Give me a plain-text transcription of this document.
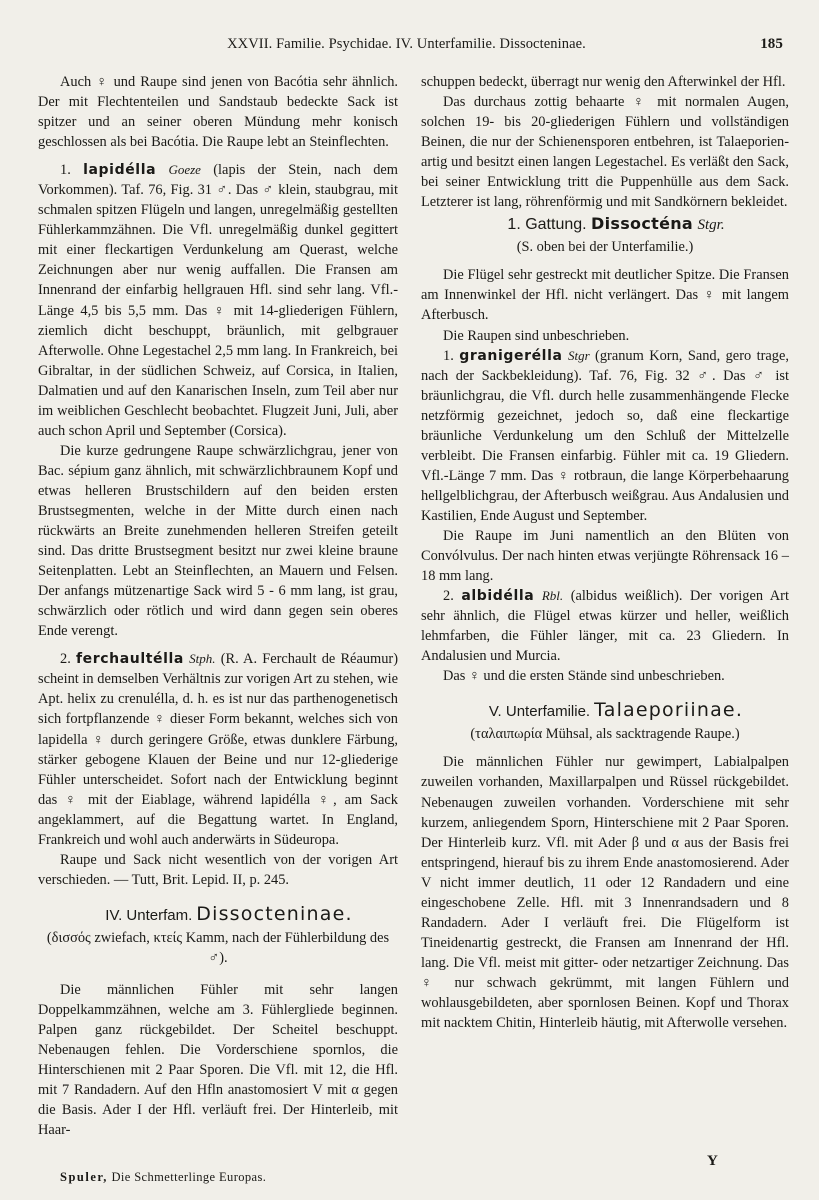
XXVII. Familie. Psychidae. IV. Unterfamilie. Dissocteninae.	185

Auch ♀ und Raupe sind jenen von Bacótia sehr ähnlich. Der mit Flechtenteilen und Sandstaub bedeckte Sack ist spitzer und an seiner oberen Mündung mehr konisch geschlossen als bei Bacótia. Die Raupe lebt an Steinflechten.

1. lapidélla Goeze (lapis der Stein, nach dem Vorkommen). Taf. 76, Fig. 31 ♂. Das ♂ klein, staubgrau, mit schmalen spitzen Flügeln und langen, unregelmäßig gestellten Fühlerkammzähnen. Die Vfl. unregelmäßig dunkel gegittert mit einer fleckartigen Verdunkelung am Querast, welche Zeichnungen aber nur wenig auffallen. Die Fransen am Innenrand der einfarbig hellgrauen Hfl. sind sehr lang. Vfl.-Länge 4,5 bis 5,5 mm. Das ♀ mit 14-gliederigen Fühlern, ziemlich dicht beschuppt, bräunlich, mit gelbgrauer Afterwolle. Ohne Legestachel 2,5 mm lang. In Frankreich, bei Gibraltar, in der südlichen Schweiz, auf Corsica, in Italien, Dalmatien und auf den Kanarischen Inseln, zum Teil aber nur im weiblichen Geschlecht beobachtet. Flugzeit Juni, Juli, aber auch schon April und September (Corsica).

Die kurze gedrungene Raupe schwärzlichgrau, jener von Bac. sépium ganz ähnlich, mit schwärzlichbraunem Kopf und etwas helleren Brustschildern auf den beiden ersten Brustsegmenten, welche in der Mitte durch einen nach rückwärts an Breite zunehmenden helleren Streifen geteilt sind. Das dritte Brustsegment besitzt nur zwei kleine braune Seitenplatten. Lebt an Steinflechten, an Mauern und Felsen. Der anfangs mützenartige Sack wird 5 - 6 mm lang, ist grau, schwärzlich oder rötlich und wird dann gegen sein oberes Ende verengt.

2. ferchaultélla Stph. (R. A. Ferchault de Réaumur) scheint in demselben Verhältnis zur vorigen Art zu stehen, wie Apt. helix zu crenulélla, d. h. es ist nur das parthenogenetisch sich fortpflanzende ♀ dieser Form bekannt, welches sich von lapidella ♀ durch geringere Größe, etwas dunklere Färbung, stärker gebogene Klauen der Beine und nur 12-gliederige Fühler unterscheidet. Sofort nach der Entwicklung beginnt das ♀ mit der Eiablage, während lapidélla ♀, am Sack angeklammert, auf die Begattung wartet. In England, Frankreich und wohl auch anderwärts in Südeuropa.

Raupe und Sack nicht wesentlich von der vorigen Art verschieden. — Tutt, Brit. Lepid. II, p. 245.

IV. Unterfam. Dissocteninae.

(δισσός zwiefach, κτείς Kamm, nach der Fühlerbildung des ♂).

Die männlichen Fühler mit sehr langen Doppelkammzähnen, welche am 3. Fühlergliede beginnen. Palpen ganz rückgebildet. Der Scheitel beschuppt. Nebenaugen fehlen. Die Vorderschiene spornlos, die Hinterschienen mit 2 Paar Sporen. Die Vfl. mit 12, die Hfl. mit 7 Randadern. Auf den Hfln anastomosiert V mit α gegen die Basis. Ader I der Hfl. verläuft frei. Der Hinterleib, mit Haar-

schuppen bedeckt, überragt nur wenig den Afterwinkel der Hfl.

Das durchaus zottig behaarte ♀ mit normalen Augen, solchen 19- bis 20-gliederigen Fühlern und vollständigen Beinen, die nur der Schienensporen entbehren, ist Talaeporien-artig und besitzt einen langen Legestachel. Es verläßt den Sack, bei seiner Entwicklung tritt die Puppenhülle aus dem Sack. Letzterer ist lang, röhrenförmig und mit Sandkörnern bekleidet.

1. Gattung. Dissocténa Stgr.

(S. oben bei der Unterfamilie.)

Die Flügel sehr gestreckt mit deutlicher Spitze. Die Fransen am Innenwinkel der Hfl. nicht verlängert. Das ♀ mit langem Afterbusch.

Die Raupen sind unbeschrieben.

1. granigerélla Stgr (granum Korn, Sand, gero trage, nach der Sackbekleidung). Taf. 76, Fig. 32 ♂. Das ♂ ist bräunlichgrau, die Vfl. durch helle zusammenhängende Flecke netzförmig gezeichnet, jedoch so, daß eine fleckartige bräunliche Verdunkelung um den Schluß der Mittelzelle verbleibt. Die Fransen einfarbig. Fühler mit ca. 19 Gliedern. Vfl.-Länge 7 mm. Das ♀ rotbraun, die lange Körperbehaarung hellgelblichgrau, der Afterbusch weißgrau. Aus Andalusien und Kastilien, Ende August und September.

Die Raupe im Juni namentlich an den Blüten von Convólvulus. Der nach hinten etwas verjüngte Röhrensack 16 –18 mm lang.

2. albidélla Rbl. (albidus weißlich). Der vorigen Art sehr ähnlich, die Flügel etwas kürzer und heller, weißlich lehmfarben, die Fühler länger, mit ca. 23 Gliedern. In Andalusien und Murcia.

Das ♀ und die ersten Stände sind unbeschrieben.

V. Unterfamilie. Talaeporiinae.

(ταλαιπωρία Mühsal, als sacktragende Raupe.)

Die männlichen Fühler nur gewimpert, Labialpalpen zuweilen vorhanden, Maxillarpalpen und Rüssel rückgebildet. Nebenaugen zuweilen vorhanden. Vorderschiene mit sehr kurzem, anliegendem Sporn, Hinterschiene mit 2 Paar Sporen. Der Hinterleib kurz. Vfl. mit Ader β und α aus der Basis frei entspringend, hierauf bis zu ihrem Ende anastomosierend. Ader V nicht immer deutlich, 11 oder 12 Randadern und eine eingeschobene Zelle. Hfl. mit 3 Innenrandsadern und 8 Randadern. Ader I verläuft frei. Die Flügelform ist Tineidenartig gestreckt, die Fransen am Innenrand der Hfl. lang. Die Vfl. meist mit gitter- oder netzartiger Zeichnung. Das ♀ nur schwach gekrümmt, mit langen Fühlern und wohlausgebildeten, aber spornlosen Beinen. Kopf und Thorax mit nacktem Chitin, Hinterleib häutig, mit Afterwolle versehen.

Spuler, Die Schmetterlinge Europas.
Y
